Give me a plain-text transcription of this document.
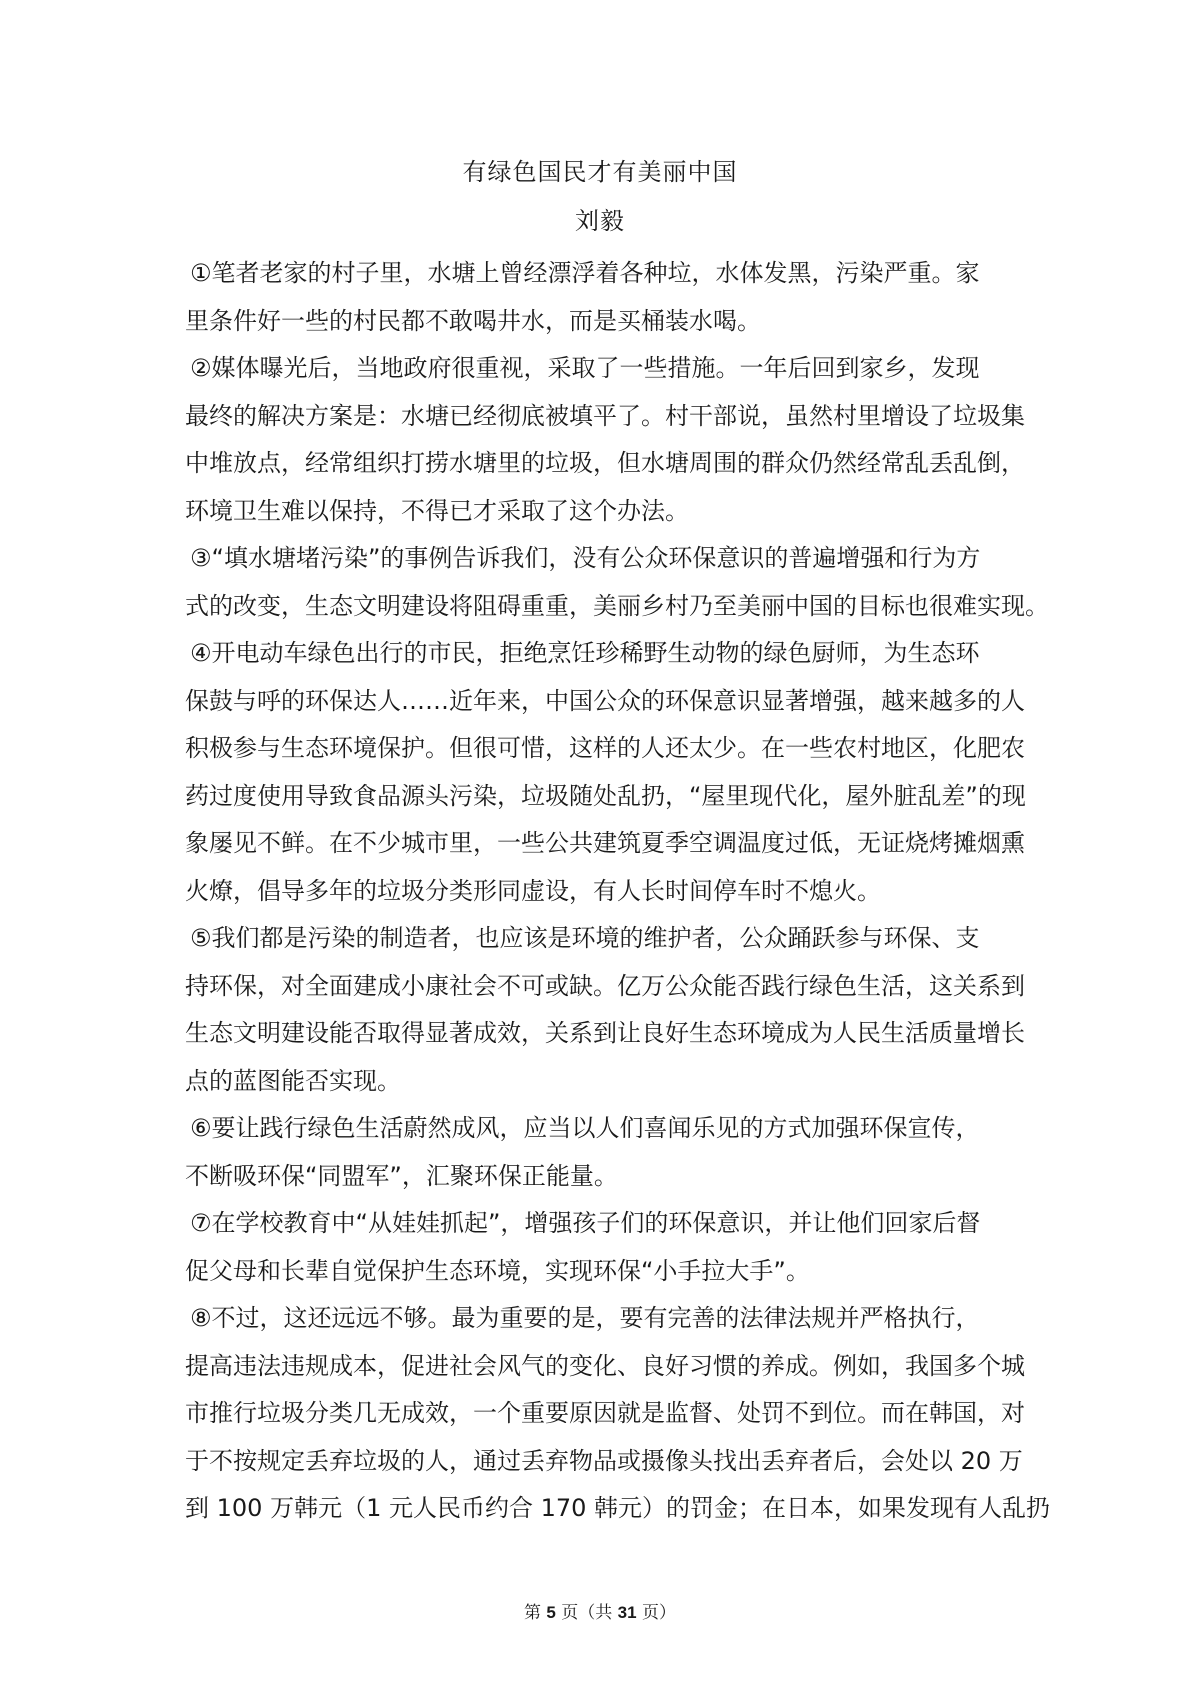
有绿色国民才有美丽中国
刘毅

①笔者老家的村子里，水塘上曾经漂浮着各种垃，水体发黑，污染严重。家
里条件好一些的村民都不敢喝井水，而是买桶装水喝。

②媒体曝光后，当地政府很重视，采取了一些措施。一年后回到家乡，发现
最终的解决方案是：水塘已经彻底被填平了。村干部说，虽然村里增设了垃圾集
中堆放点，经常组织打捞水塘里的垃圾，但水塘周围的群众仍然经常乱丢乱倒，
环境卫生难以保持，不得已才采取了这个办法。

③“填水塘堵污染”的事例告诉我们，没有公众环保意识的普遍增强和行为方
式的改变，生态文明建设将阻碍重重，美丽乡村乃至美丽中国的目标也很难实现。

④开电动车绿色出行的市民，拒绝烹饪珍稀野生动物的绿色厨师，为生态环
保鼓与呼的环保达人……近年来，中国公众的环保意识显著增强，越来越多的人
积极参与生态环境保护。但很可惜，这样的人还太少。在一些农村地区，化肥农
药过度使用导致食品源头污染，垃圾随处乱扔，“屋里现代化，屋外脏乱差”的现
象屡见不鲜。在不少城市里，一些公共建筑夏季空调温度过低，无证烧烤摊烟熏
火燎，倡导多年的垃圾分类形同虚设，有人长时间停车时不熄火。

⑤我们都是污染的制造者，也应该是环境的维护者，公众踊跃参与环保、支
持环保，对全面建成小康社会不可或缺。亿万公众能否践行绿色生活，这关系到
生态文明建设能否取得显著成效，关系到让良好生态环境成为人民生活质量增长
点的蓝图能否实现。

⑥要让践行绿色生活蔚然成风，应当以人们喜闻乐见的方式加强环保宣传，
不断吸环保“同盟军”，汇聚环保正能量。

⑦在学校教育中“从娃娃抓起”，增强孩子们的环保意识，并让他们回家后督
促父母和长辈自觉保护生态环境，实现环保“小手拉大手”。

⑧不过，这还远远不够。最为重要的是，要有完善的法律法规并严格执行，
提高违法违规成本，促进社会风气的变化、良好习惯的养成。例如，我国多个城
市推行垃圾分类几无成效，一个重要原因就是监督、处罚不到位。而在韩国，对
于不按规定丢弃垃圾的人，通过丢弃物品或摄像头找出丢弃者后，会处以 20 万
到 100 万韩元（1 元人民币约合 170 韩元）的罚金；在日本，如果发现有人乱扔

第 5 页（共 31 页）
